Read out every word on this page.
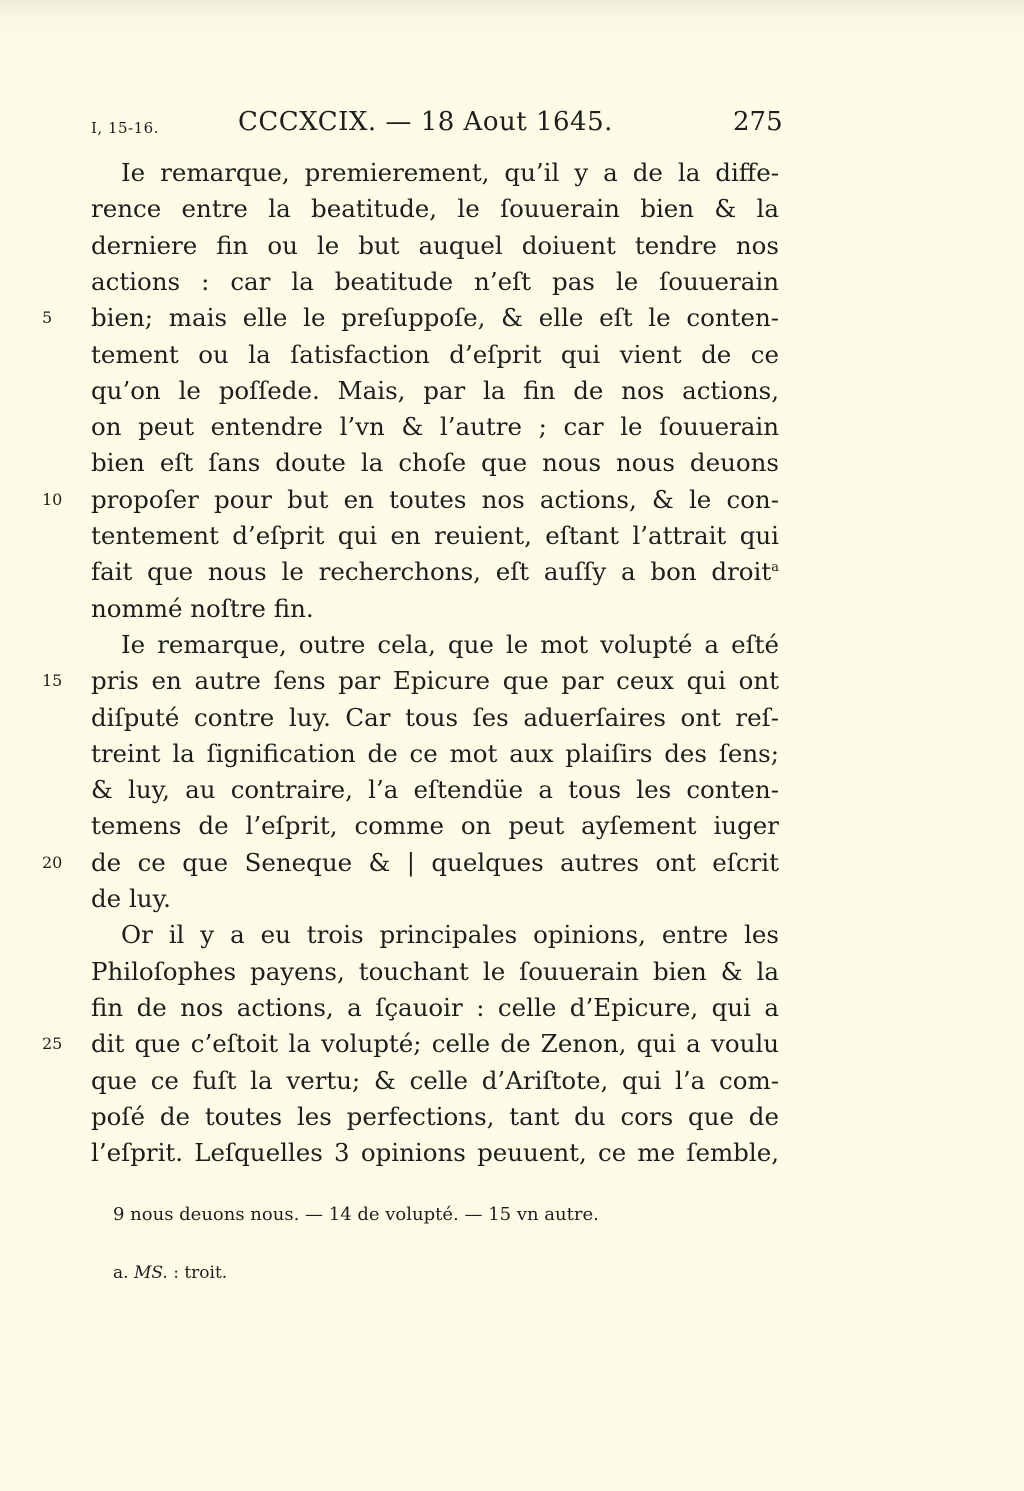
I, 15-16.	CCCXCIX. — 18 Aout 1645.	275
Ie remarque, premierement, qu’il y a de la diffe-
rence entre la beatitude, le ſouuerain bien & la
derniere fin ou le but auquel doiuent tendre nos
actions : car la beatitude n’eſt pas le ſouuerain
bien; mais elle le preſuppoſe, & elle eſt le conten-
tement ou la ſatisfaction d’eſprit qui vient de ce
qu’on le poſſede. Mais, par la fin de nos actions,
on peut entendre l’vn & l’autre ; car le ſouuerain
bien eſt ſans doute la choſe que nous nous deuons
propoſer pour but en toutes nos actions, & le con-
tentement d’eſprit qui en reuient, eſtant l’attrait qui
fait que nous le recherchons, eſt auſſy a bon droit$^a$
nommé noſtre fin.
Ie remarque, outre cela, que le mot volupté a eſté
pris en autre ſens par Epicure que par ceux qui ont
diſputé contre luy. Car tous ſes aduerſaires ont reſ-
treint la ſignification de ce mot aux plaiſirs des ſens;
& luy, au contraire, l’a eſtendüe a tous les conten-
temens de l’eſprit, comme on peut ayſement iuger
de ce que Seneque & | quelques autres ont eſcrit
de luy.
Or il y a eu trois principales opinions, entre les
Philoſophes payens, touchant le ſouuerain bien & la
fin de nos actions, a ſçauoir : celle d’Epicure, qui a
dit que c’eſtoit la volupté; celle de Zenon, qui a voulu
que ce fuſt la vertu; & celle d’Ariſtote, qui l’a com-
poſé de toutes les perfections, tant du cors que de
l’eſprit. Leſquelles 3 opinions peuuent, ce me ſemble,
5
10
15
20
25
9 nous deuons nous. — 14 de volupté. — 15 vn autre.
a. MS. : troit.
